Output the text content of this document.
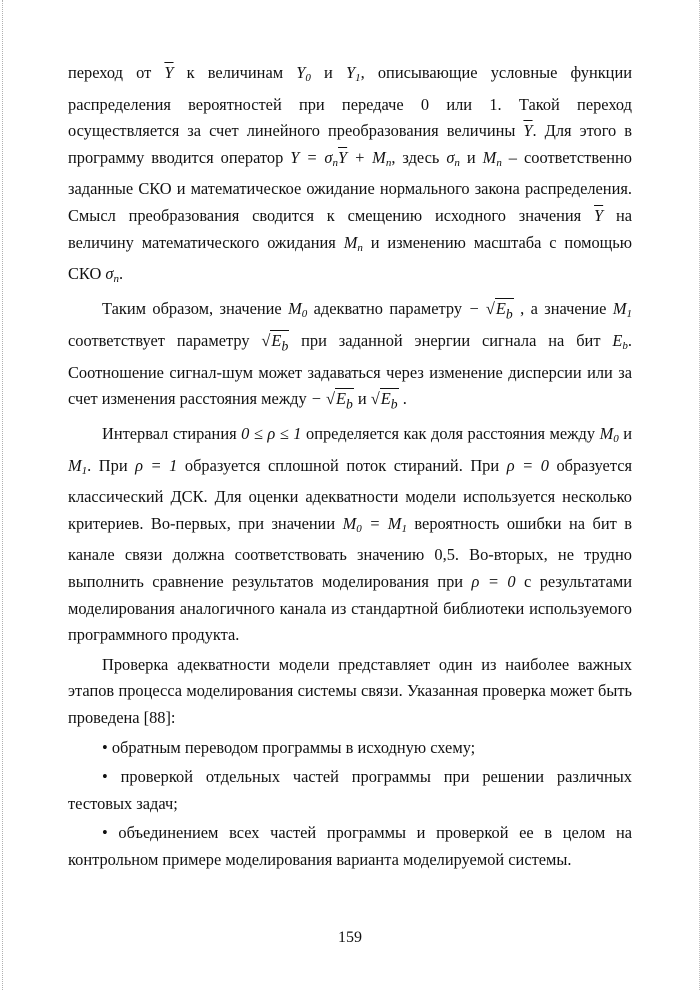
переход от $\overline{Y}$ к величинам $Y_0$ и $Y_1$, описывающие условные функции распределения вероятностей при передаче 0 или 1. Такой переход осуществляется за счет линейного преобразования величины $\overline{Y}$. Для этого в программу вводится оператор $Y = \sigma_n\overline{Y} + M_n$, здесь $\sigma_n$ и $M_n$ – соответственно заданные СКО и математическое ожидание нормального закона распределения. Смысл преобразования сводится к смещению исходного значения $\overline{Y}$ на величину математического ожидания $M_n$ и изменению масштаба с помощью СКО $\sigma_n$.

Таким образом, значение $M_0$ адекватно параметру − $√E_b$ , а значение $M_1$ соответствует параметру $√E_b$ при заданной энергии сигнала на бит $E_b$. Соотношение сигнал-шум может задаваться через изменение дисперсии или за счет изменения расстояния между − $√E_b$ и $√E_b$ .

Интервал стирания 0 ≤ ρ ≤ 1 определяется как доля расстояния между $M_0$ и $M_1$. При ρ = 1 образуется сплошной поток стираний. При ρ = 0 образуется классический ДСК. Для оценки адекватности модели используется несколько критериев. Во-первых, при значении $M_0 = M_1$ вероятность ошибки на бит в канале связи должна соответствовать значению 0,5. Во-вторых, не трудно выполнить сравнение результатов моделирования при ρ = 0 с результатами моделирования аналогичного канала из стандартной библиотеки используемого программного продукта.

Проверка адекватности модели представляет один из наиболее важных этапов процесса моделирования системы связи. Указанная проверка может быть проведена [88]:

• обратным переводом программы в исходную схему;

• проверкой отдельных частей программы при решении различных тестовых задач;

• объединением всех частей программы и проверкой ее в целом на контрольном примере моделирования варианта моделируемой системы.

159
